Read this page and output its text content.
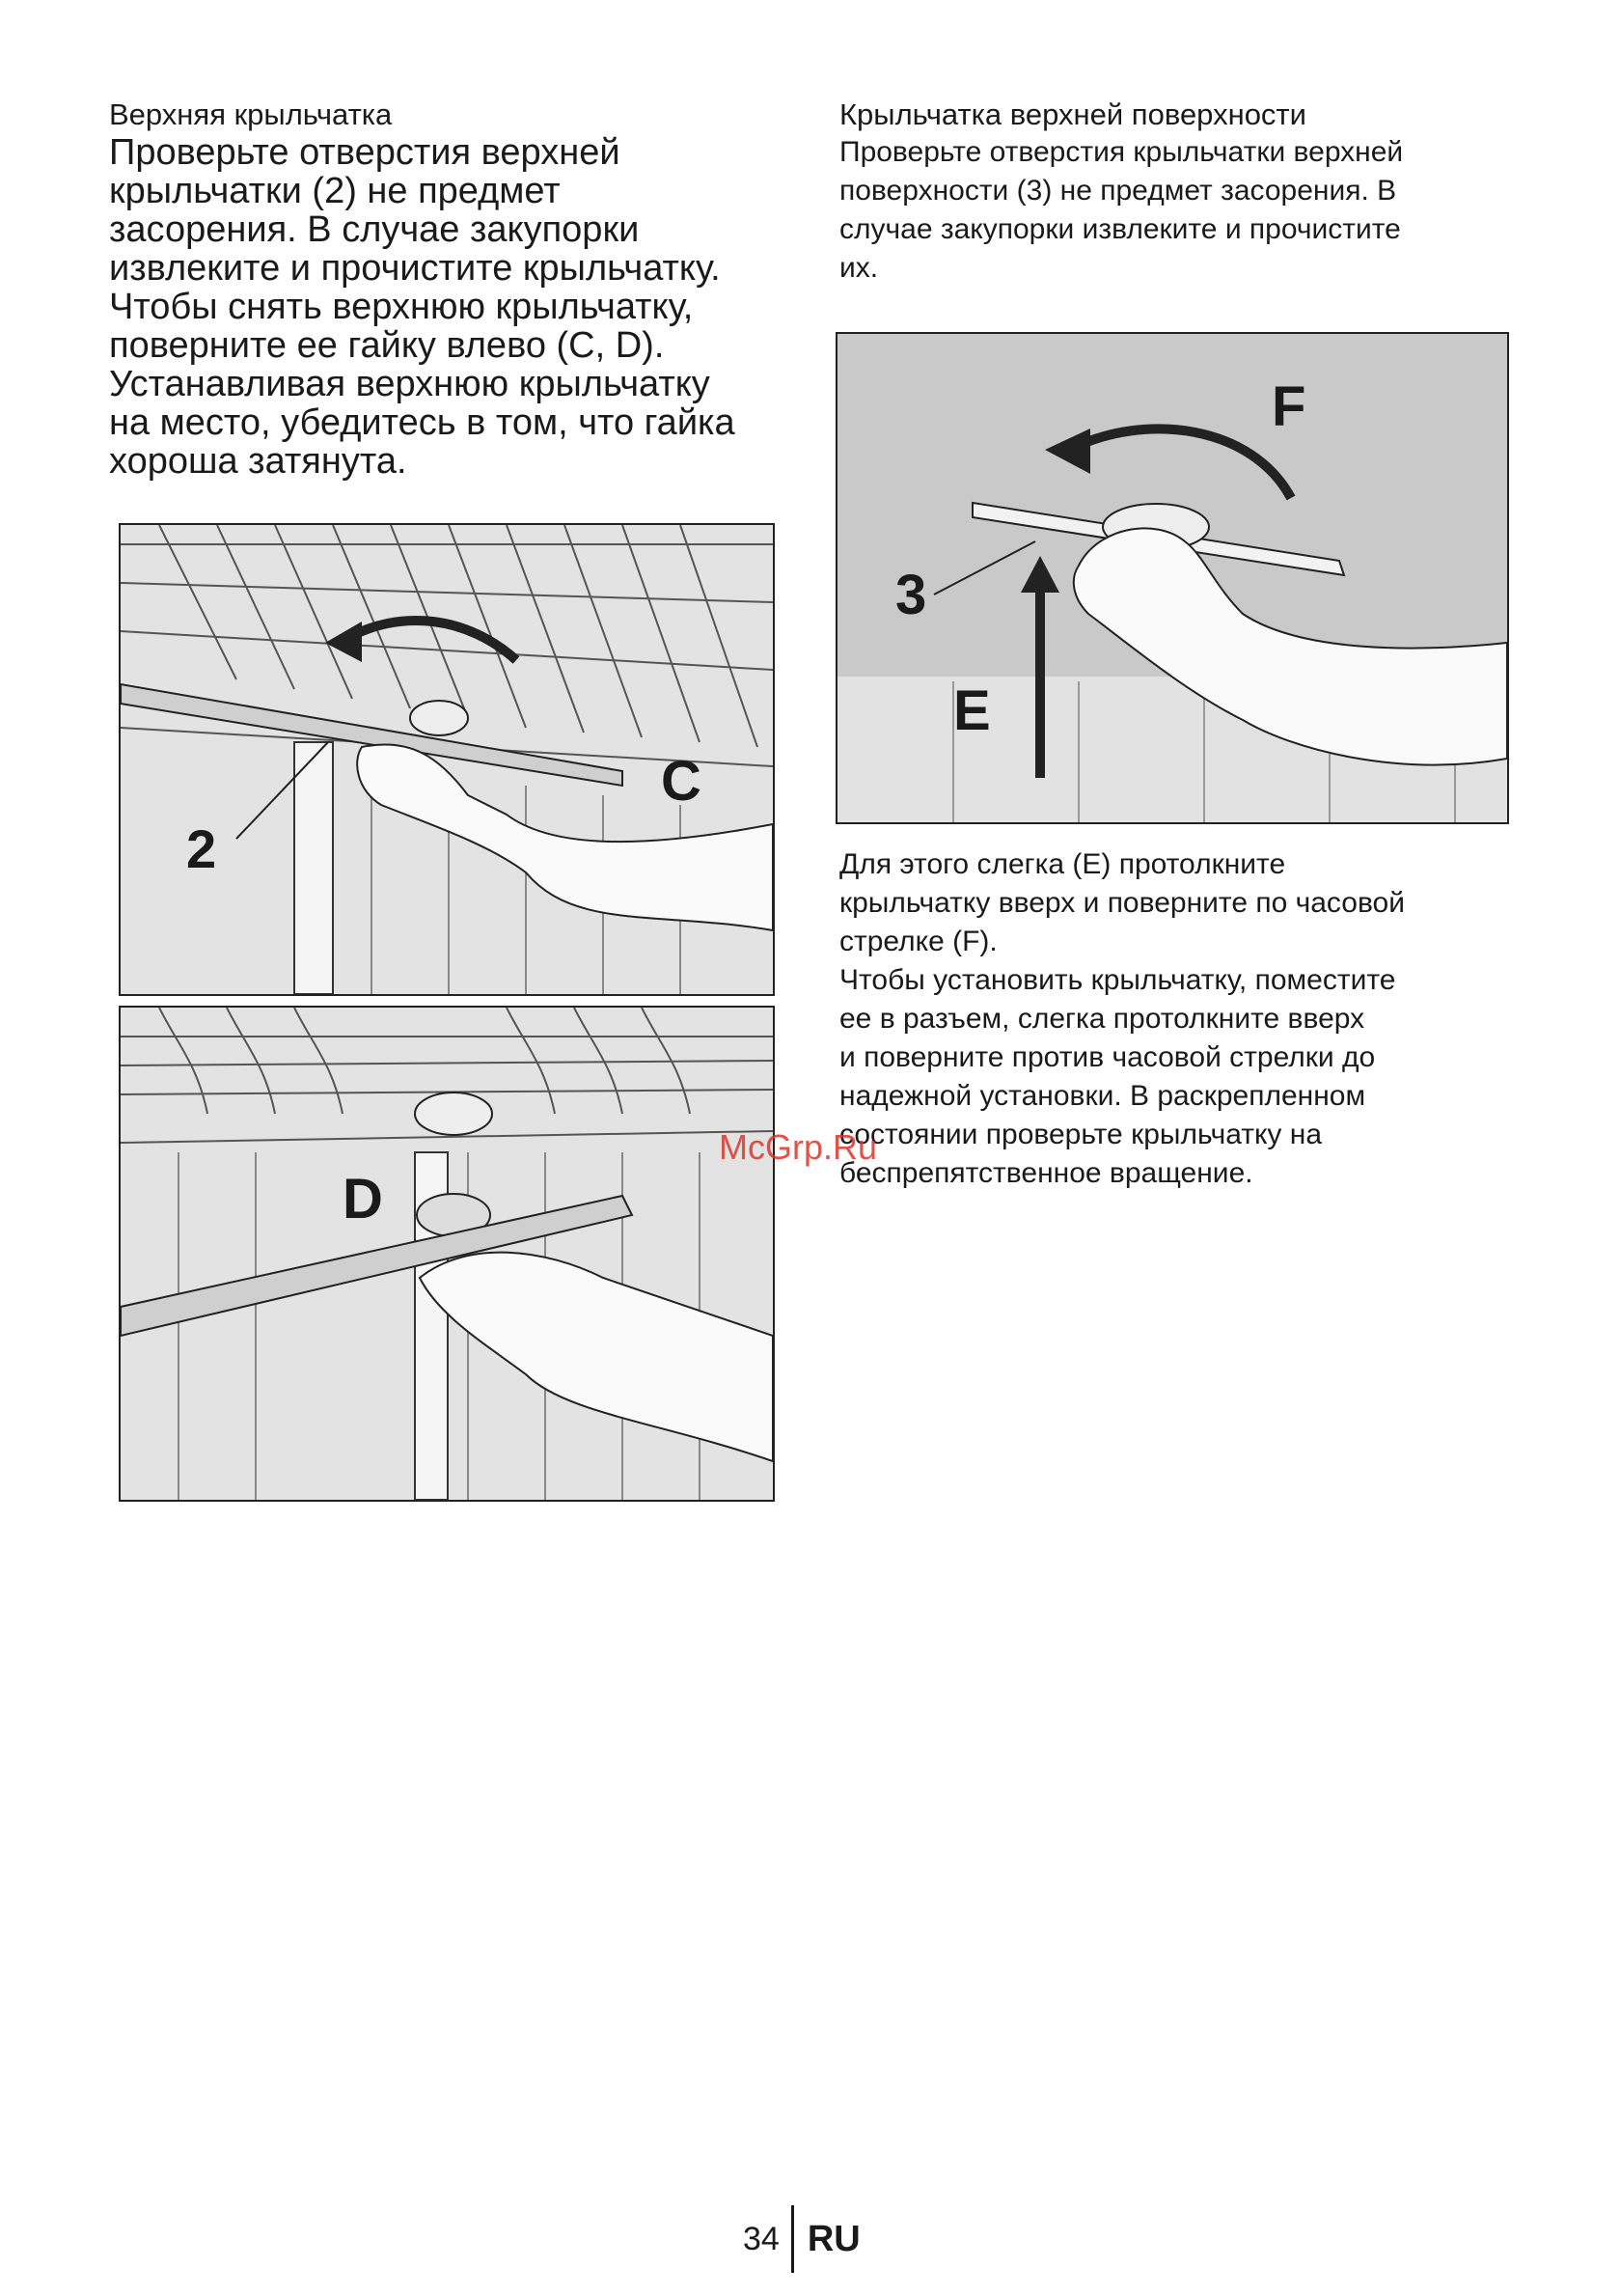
Верхняя крыльчатка

Проверьте отверстия верхней

крыльчатки (2) не предмет

засорения. В случае закупорки

извлеките и прочистите крыльчатку.

Чтобы снять верхнюю крыльчатку,

поверните ее гайку влево (C, D).

Устанавливая верхнюю крыльчатку

на место, убедитесь в том, что гайка

хороша затянута.

Крыльчатка верхней поверхности

Проверьте отверстия крыльчатки верхней

поверхности (3) не предмет засорения. В

случае закупорки извлеките и прочистите

их.

2
C
D
F
3
E

Для этого слегка (E) протолкните

крыльчатку вверх и поверните по часовой

стрелке (F).

Чтобы установить крыльчатку, поместите

ее в разъем, слегка протолкните вверх

и поверните против часовой стрелки до

надежной установки. В раскрепленном

состоянии проверьте крыльчатку на

беспрепятственное вращение.

McGrp.Ru
34 RU
